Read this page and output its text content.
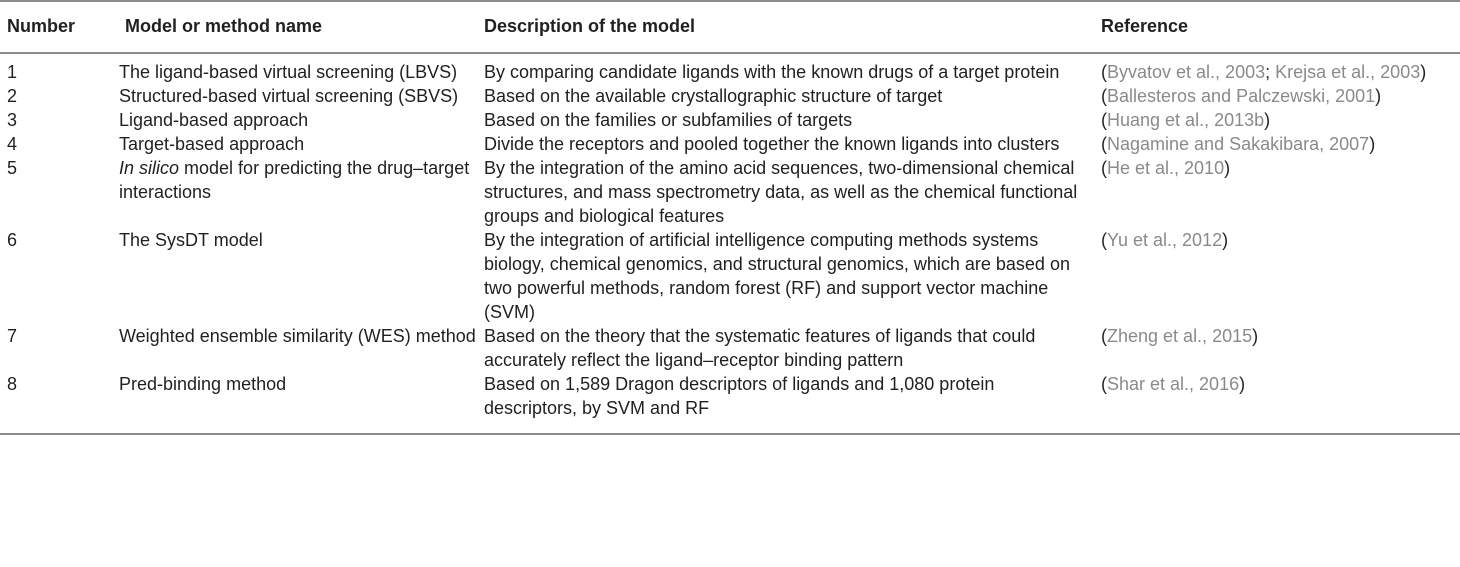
Number	Model or method name	Description of the model	Reference
1	The ligand-based virtual screening (LBVS)	By comparing candidate ligands with the known drugs of a target protein	(Byvatov et al., 2003; Krejsa et al., 2003)
2	Structured-based virtual screening (SBVS)	Based on the available crystallographic structure of target	(Ballesteros and Palczewski, 2001)
3	Ligand-based approach	Based on the families or subfamilies of targets	(Huang et al., 2013b)
4	Target-based approach	Divide the receptors and pooled together the known ligands into clusters	(Nagamine and Sakakibara, 2007)
5	In silico model for predicting the drug–target interactions	By the integration of the amino acid sequences, two-dimensional chemical structures, and mass spectrometry data, as well as the chemical functional groups and biological features	(He et al., 2010)
6	The SysDT model	By the integration of artificial intelligence computing methods systems biology, chemical genomics, and structural genomics, which are based on two powerful methods, random forest (RF) and support vector machine (SVM)	(Yu et al., 2012)
7	Weighted ensemble similarity (WES) method	Based on the theory that the systematic features of ligands that could accurately reflect the ligand–receptor binding pattern	(Zheng et al., 2015)
8	Pred-binding method	Based on 1,589 Dragon descriptors of ligands and 1,080 protein descriptors, by SVM and RF	(Shar et al., 2016)
